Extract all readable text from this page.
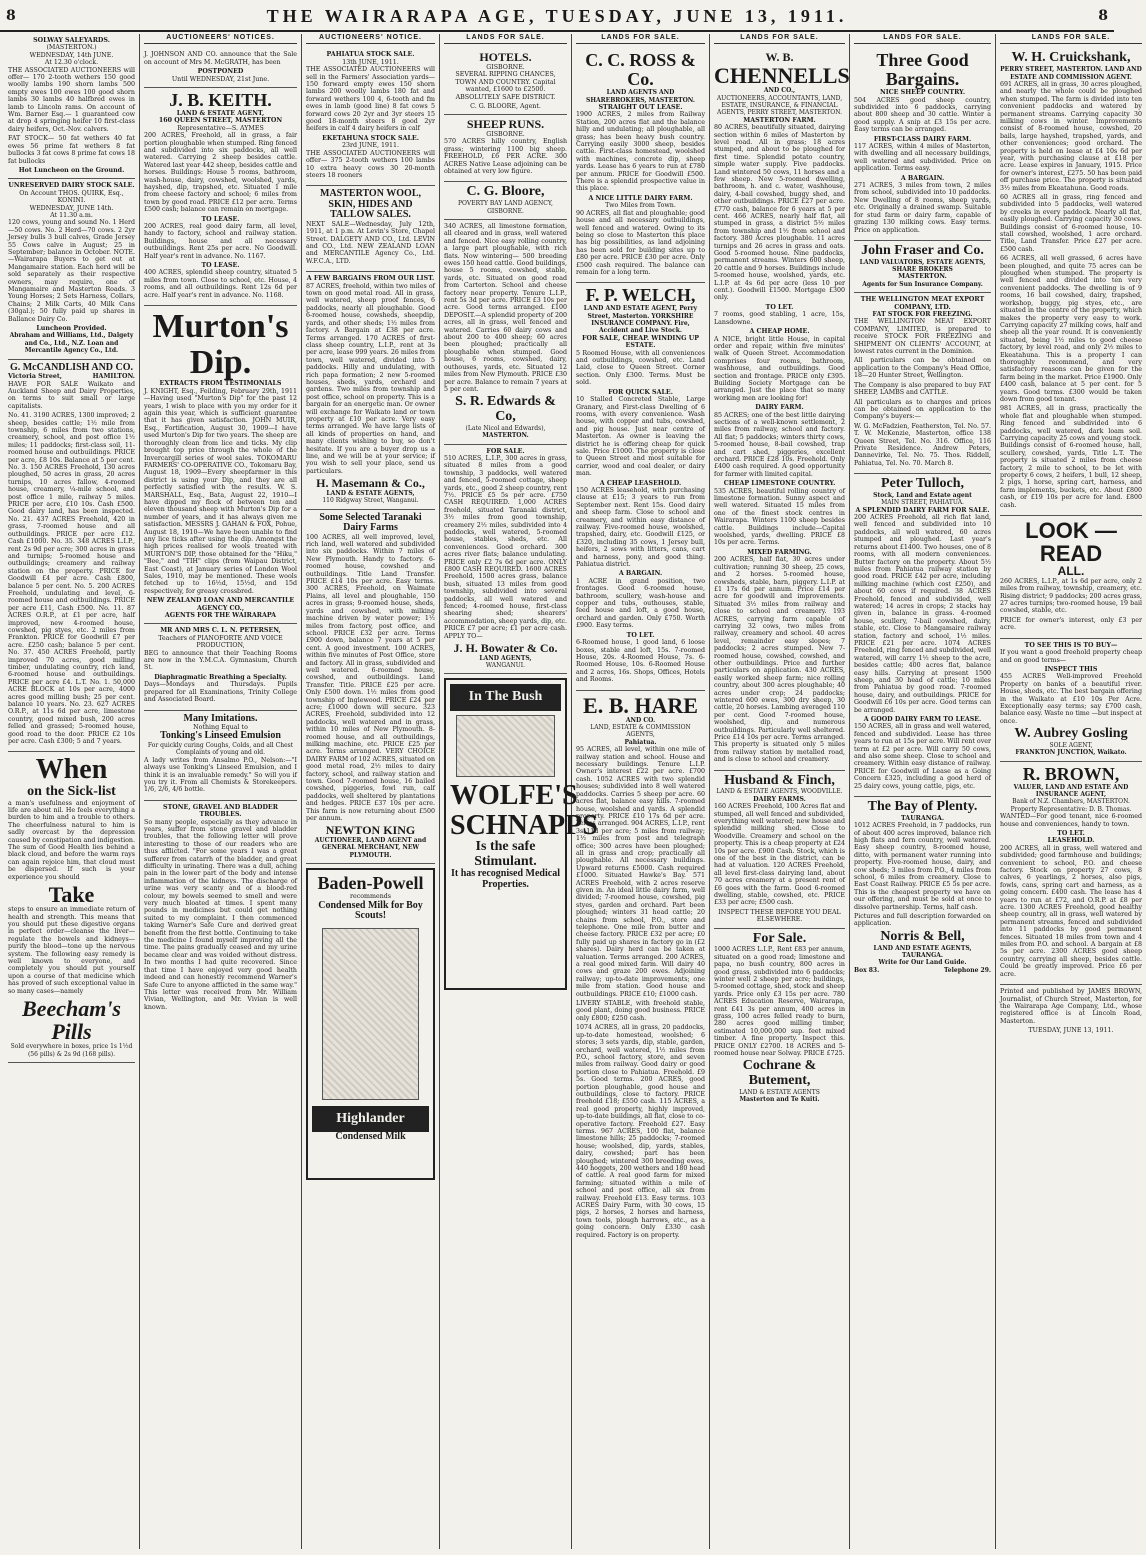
8	THE WAIRARAPA AGE, TUESDAY, JUNE 13, 1911.	8
SOLWAY SALEYARDS.
(MASTERTON.)
WEDNESDAY, 14th JUNE.
At 12.30 o'clock.

THE ASSOCIATED AUCTIONEERS will offer— 170 2-tooth wethers 150 good woolly lambs 190 shorn lambs 500 empty ewes 100 ewes 100 good shorn lambs 30 lambs 40 halfbred ewes in lamb to Lincoln rams. On account of Wm. Barner Esq.— 1 guaranteed cow at drop 4 springing heifer 10 first-class dairy heifers, Oct.-Nov. calvers.

FAT STOCK— 50 fat wethers 40 fat ewes 56 prime fat wethers 8 fat bullocks 3 fat cows 8 prime fat cows 18 fat bullocks

Hot Luncheon on the Ground.
UNRESERVED DAIRY STOCK SALE.
On Account THOS. QUIRK, Esq., KONINI.
WEDNESDAY, JUNE 14th.
At 11.30 a.m.

120 cows, young and sound No. 1 Herd—50 cows. No. 2 Herd—70 cows. 2 2yr Jersey bulls 3 bull calves, Grade Jersey 55 Cows calve in August; 25 in September; balance in October. NOTE.—Wairarapa Buyers to get out at Mangamaire station. Each herd will be sold separately as their respective owners, may require, one of Mangamaire and Masterton Roads. 3 Young Horses; 2 Sets Harness, Collars, Chains; 2 Milk Carts, 40 Milk Cans (30gal.); 50 fully paid up shares in Ballance Dairy Co.

Luncheon Provided.
Abraham and Williams, Ltd., Dalgety and Co., Ltd., N.Z. Loan and Mercantile Agency Co., Ltd.
G. McCANDLISH AND CO.
Victoria Street,	HAMILTON.

HAVE FOR SALE Waikato and Auckland Sheep and Dairy Properties, on terms to suit small or large capitalists.

No. 41. 3190 ACRES, 1300 improved; 2 sheep, besides cattle; 1½ mile from township, 6 miles from two stations, creamery, school, and post office 1½ miles; 11 paddocks; first-class soil, 11-roomed house and outbuildings. PRICE per acre, £8 10s. Balance at 5 per cent. No. 3. 150 ACRES Freehold, 130 acres ploughed, 50 acres in grass, 20 acres turnips, 10 acres fallow, 4-roomed house, creamery, ¼-mile school, and post office 1 mile, railway 5 miles. PRICE per acre, £10 10s. Cash £500. Good dairy land, has been inspected. No. 21. 437 ACRES Freehold, 420 in grass, 7-roomed house and all outbuildings. PRICE per acre £12. Cash £1000. No. 35. 348 ACRES L.I.P., rent 2s 9d per acre; 300 acres in grass and turnips; 5-roomed house and outbuildings; creamery and railway station on the property. PRICE for Goodwill £4 per acre. Cash £800, balance 5 per cent. No. 5. 200 ACRES Freehold, undulating and level, 6-roomed house and outbuildings. PRICE per acre £11, Cash £500. No. 11. 87 ACRES O.R.P., at £1 per acre, half improved, new 4-roomed house, cowshed, pig styes, etc. 2 miles from Frankton. PRICE for Goodwill £7 per acre. £250 cash; balance 5 per cent. No. 37. 450 ACRES Freehold, partly improved 70 acres, good milling timber, undulating country, rich land, 6-roomed house and outbuildings. PRICE per acre £4. L.T. No. 1. 50,000 ACRE BLOCK at 10s per acre, 4000 acres good milling bush; 25 per cent. balance 10 years. No. 23. 627 ACRES O.R.P., at 11s 6d per acre, limestone country, good mixed bush, 200 acres felled and grassed; 5-roomed house, good road to the door. PRICE £2 10s per acre. Cash £300; 5 and 7 years.

When
on the Sick-list

a man's usefulness and enjoyment of life are about nil. He feels everything a burden to him and a trouble to others. The cheerfulness natural to him is sadly overcast by the depression caused by constipation and indigestion. The sum of Good Health lies behind a black cloud, and before the warm rays can again rejoice him, that cloud must be dispersed. If such is your experience you should

Take

steps to ensure an immediate return of health and strength. This means that you should put these digestive organs in perfect order—cleanse the liver—regulate the bowels and kidneys—purify the blood—tone up the nervous system. The following easy remedy is well known to everyone, and completely you should put yourself upon a course of that medicine which has proved of such exceptional value in so many cases—namely

Beecham's Pills
Sold everywhere in boxes, price 1s 1½d (56 pills) & 2s 9d (168 pills).
AUCTIONEERS' NOTICES.

J. JOHNSON AND CO. announce that the Sale on account of Mrs M. McGRATH, has been

POSTPONED
Until WEDNESDAY, 21st June.
J. B. KEITH.
LAND & ESTATE AGENT,
160 QUEEN STREET, MASTERTON
Representative—S. AYMES

200 ACRES, Freehold, all in grass, a fair portion ploughable when stumped. Ring fenced and subdivided into six paddocks, all well watered. Carrying 2 sheep besides cattle. Watered last year 442 sheep, besides cattle and horses. Buildings: House 5 rooms, bathroom, wash-house, dairy, cowshed, woolshed, yards, hayshed, dip, trapshed, etc. Situated 1 mile from cheese factory and school; 6 miles from town by good road. PRICE £12 per acre. Terms £500 cash; balance can remain on mortgage.

TO LEASE.

200 ACRES, real good dairy farm, all level, handy to factory, school and railway station. Buildings, house and all necessary outbuildings. Rent 25s per acre. No Goodwill. Half year's rent in advance. No. 1167.

TO LEASE.

400 ACRES, splendid sheep country, situated 5 miles from town. Close to school, etc. House, 4 rooms, and all outbuildings. Rent 12s 6d per acre. Half year's rent in advance. No. 1168.

Murton's Dip.
EXTRACTS FROM TESTIMONIALS

J. KNIGHT, Esq., Feilding, February 29th, 1911—Having used "Murton's Dip" for the past 12 years, I wish to place with you my order for it again this year, which is sufficient guarantee that it has given satisfaction. JOHN MUIR, Esq., Fortification, August 30, 1909—I have used Murton's Dip for two years. The sheep are thoroughly clean from lice and ticks. My clip brought top price through the whole of the Invercargill series of wool sales. TOKOMARU FARMERS' CO-OPERATIVE CO., Tokomaru Bay, August 18, 1909—Every sheepfarmer in this district is using your Dip, and they are all perfectly satisfied with the results. W. S. MARSHALL, Esq., Bata, August 22, 1910—I have dipped my flock of between ten and eleven thousand sheep with Murton's Dip for a number of years, and it has always given me satisfaction. MESSRS J. GAHAN & FOX, Pohue, August 18, 1910—We have been unable to find any lice ticks after using the dip. Amongst the high prices realised for wools treated with MURTON'S DIP, those obtained for the "Hiku," "Bee," and "TIH" clips (from Waipau District, East Coast), at January series of London Wool Sales, 1910, may be mentioned. These wools fetched up to 16½d, 15½d, and 15d respectively, for greasy crossbred.

NEW ZEALAND LOAN AND MERCANTILE AGENCY CO.,
AGENTS FOR THE WAIRARAPA
MR AND MRS C. L. N. PETERSEN,
Teachers of PIANOFORTE AND VOICE PRODUCTION,

BEG to announce that their Teaching Rooms are now in the Y.M.C.A. Gymnasium, Church St.

Diaphragmatic Breathing a Specialty.

Days—Mondays and Thursdays. Pupils prepared for all Examinations, Trinity College and Associated Board.

Many Imitations.
Nothing Equal to
Tonking's Linseed Emulsion
For quickly curing Coughs, Colds, and all Chest Complaints of young and old.

A lady writes from Ansalmo P.O., Nelson:—"I always use Tonking's Linseed Emulsion, and I think it is an invaluable remedy." So will you if you try it. From all Chemists & Storekeepers. 1/6, 2/6, 4/6 bottle.

STONE, GRAVEL AND BLADDER TROUBLES.

So many people, especially as they advance in years, suffer from stone gravel and bladder troubles, that the following letter will prove interesting to those of our readers who are thus afflicted. "For some years I was a great sufferer from catarrh of the bladder, and great difficulty in urinating. There was a dull, aching pain in the lower part of the body and intense inflammation of the kidneys. The discharge of urine was very scanty and of a blood-red colour, my bowels seemed to smell and were very much bloated at times. I spent many pounds in medicines but could get nothing suited to my complaint. I then commenced taking Warner's Safe Cure and derived great benefit from the first bottle. Continuing to take the medicine I found myself improving all the time. The pains gradually ceased and my urine became clear and was voided without distress. In two months I had quite recovered. Since that time I have enjoyed very good health indeed and can honestly recommend Warner's Safe Cure to anyone afflicted in the same way." This letter was received from Mr. William Vivian, Wellington, and Mr. Vivian is well known.

AUCTIONEERS' NOTICE.
PAHIATUA STOCK SALE.
13th JUNE, 1911.

THE ASSOCIATED AUCTIONEERS will sell in the Farmers' Association yards— 150 forward empty ewes 150 shorn lambs 200 woolly lambs 180 fat and forward wethers 100 4, 6-tooth and fm ewes in lamb (good line) 8 fat cows 5 forward cows 20 2yr and 3yr steers 15 good 18-month steers 8 good 2yr heifers in calf 4 dairy heifers in calf

EKETAHUNA STOCK SALE.
23rd JUNE, 1911.

THE ASSOCIATED AUCTIONEERS will offer— 375 2-tooth wethers 100 lambs 10 extra heavy cows 30 20-month steers 18 rooners

MASTERTON WOOL, SKIN, HIDES AND TALLOW SALES.

NEXT SALE—Wednesday, July 12th, 1911, at 1 p.m. At Levin's Store, Chapel Street. DALGETY AND CO., Ltd. LEVIN and CO., Ltd. NEW ZEALAND LOAN and MERCANTILE Agency Co., Ltd. W.F.C.A., LTD.

A FEW BARGAINS FROM OUR LIST.

87 ACRES, freehold, within two miles of town on good metal road. All in grass, well watered, sheep proof fences, 6 paddocks, nearly all ploughable. Good 6-roomed house, cowsheds, sheepdip, yards, and other sheds; 1½ miles from factory. A Bargain at £38 per acre. Terms arranged. 170 ACRES of first-class sheep country, L.I.P., rent at 3s per acre, lease 999 years. 26 miles from town, well watered, divided into 5 paddocks. Hilly and undulating, with rich papa formation; 2 new 5-roomed houses, sheds, yards, orchard and gardens. Two miles from township and post office, school on property. This is a bargain for an energetic man. Or owner will exchange for Waikato land or town property at £10 per acre. Very easy terms arranged. We have large lists of all kinds of properties on hand, and many clients wishing to buy, so don't hesitate. If you are a buyer drop us a line, and we will be at your service; if you wish to sell your place, send us particulars.

H. Masemann & Co.,
LAND & ESTATE AGENTS,
110 Ridgway Street, Wanganui.
Some Selected Taranaki Dairy Farms

100 ACRES, all well improved, level, rich land, well watered and subdivided into six paddocks. Within 7 miles of New Plymouth. Handy to factory. 6-roomed house, cowshed and outbuildings. Title Land Transfer. PRICE £14 10s per acre. Easy terms. 300 ACRES, Freehold, on Waimate Plains, all level and ploughable, 150 acres in grass; 9-roomed house, sheds, yards and cowshed, with milking machine driven by water power; 1½ miles from factory, post office, and school. PRICE £32 per acre. Terms £900 down, balance 7 years at 5 per cent. A good investment. 100 ACRES, within five minutes of Post Office, store and factory. All in grass, subdivided and well watered. 6-roomed house, cowshed, and outbuildings. Land Transfer. Title. PRICE £25 per acre. Only £500 down. 1½ miles from good township of Inglewood. PRICE £24 per acre; £1000 down will secure. 323 ACRES, Freehold, subdivided into 12 paddocks, well watered and in grass, within 10 miles of New Plymouth. 8-roomed house, and all outbuildings, milking machine, etc. PRICE £25 per acre. Terms arranged. VERY CHOICE DAIRY FARM of 102 ACRES, situated on good metal road, 2½ miles to dairy factory, school, and railway station and town. Good 7-roomed house, 16 bailed cowshed, piggeries, fowl run, calf paddocks, well sheltered by plantations and hedges. PRICE £37 10s per acre. This farm is now returning about £500 per annum.

NEWTON KING
AUCTIONEER, LAND AGENT and GENERAL MERCHANT, NEW PLYMOUTH.
Baden-Powell
recommends
Condensed Milk for Boy Scouts!
Highlander
Condensed Milk
LANDS FOR SALE.
HOTELS.
GISBORNE.

SEVERAL RIPPING CHANCES, TOWN AND COUNTRY. Capital wanted, £1600 to £2500. ABSOLUTELY SAFE DISTRICT.

C. G. BLOORE, Agent.
SHEEP RUNS.
GISBORNE.

570 ACRES hilly country, English grass; wintering 1100 big sheep. FREEHOLD, £6 PER ACRE. 300 ACRES Native Lease adjoining can be obtained at very low figure.

C. G. Bloore,
POVERTY BAY LAND AGENCY, GISBORNE.

340 ACRES, all limestone formation, all cleared and in grass, well watered and fenced. Nice easy rolling country, a large part ploughable, with rich flats. Now wintering— 500 breeding ewes 150 head cattle. Good buildings, house 5 rooms, cowshed, stable, yards, etc. Situated on good road from Carterton. School and cheese factory near property. Tenure L.I.P., rent 5s 3d per acre. PRICE £3 10s per acre. Good terms arranged. £100 DEPOSIT.—A splendid property of 200 acres, all in grass, well fenced and watered. Carries 60 dairy cows and about 200 to 400 sheep; 60 acres been ploughed; practically all ploughable when stumped. Good house, 6 rooms, cowshed, dairy, outhouses, yards, etc. Situated 12 miles from New Plymouth. PRICE £30 per acre. Balance to remain 7 years at 5 per cent.

S. R. Edwards & Co,
(Late Nicol and Edwards),
MASTERTON.
FOR SALE.

510 ACRES, L.I.P., 300 acres in grass, situated 8 miles from a good township, 3 paddocks, well watered and fenced, 5-roomed cottage, sheep yards, etc., good 2 sheep country, rent 7½. PRICE £5 5s per acre. £750 CASH REQUIRED. 1,000 ACRES freehold, situated Taranaki district, 3½ miles from good township, creamery 2½ miles, subdivided into 4 paddocks, well watered, 5-roomed house, stables, sheds, etc. All conveniences. Good orchard. 300 acres river flats; balance undulating. PRICE only £2 7s 6d per acre. ONLY £800 CASH REQUIRED. 1600 ACRES Freehold, 1500 acres grass, balance bush, situated 13 miles from good township, subdivided into several paddocks, all well watered and fenced; 4-roomed house, first-class shearing shed; shearers' accommodation, sheep yards, dip, etc. PRICE £7 per acre; £1 per acre cash. APPLY TO—

J. H. Bowater & Co.
LAND AGENTS,
WANGANUI.
In The Bush
WOLFE'S SCHNAPPS
Is the safe Stimulant.
It has recognised Medical Properties.
LANDS FOR SALE.
C. C. ROSS & Co.
LAND AGENTS AND SHAREBROKERS, MASTERTON.
STRAIGHT OUT LEASE.

1900 ACRES, 2 miles from Railway Station, 200 acres flat and the balance hilly and undulating; all ploughable, all grass; has been heavy bush country. Carrying easily 3000 sheep, besides cattle. First-class homestead, woolshed with machines, concrete dip, sheep yards. Lease has 6 years to run at £780 per annum. PRICE for Goodwill £500. There is a splendid prospective value in this place.

A NICE LITTLE DAIRY FARM.
Two Miles from Town.

90 ACRES, all flat and ploughable; good house and all necessary outbuildings, well fenced and watered. Owing to its being so close to Masterton this place has big possibilities, as land adjoining has been sold for building sites up to £80 per acre. PRICE £30 per acre. Only £500 cash required. The balance can remain for a long term.

F. P. WELCH,
LAND AND ESTATE AGENT, Perry Street, Masterton. YORKSHIRE INSURANCE COMPANY. Fire, Accident and Live Stock.
FOR SALE, CHEAP. WINDING UP ESTATE.

5 Roomed House, with all conveniences and outbuildings, cowshed, etc. Land Laid, close to Queen Street. Corner section. Only £300. Terms. Must be sold.

FOR QUICK SALE.

10 Stalled Concreted Stable, Large Granary, and First-class Dwelling of 6 rooms, with every convenience. Wash house, with copper and tubs, cowshed, and pig house. Just near centre of Masterton. As owner is leaving the district he is offering cheap for quick sale. Price £1000. The property is close to Queen Street and most suitable for carrier, wood and coal dealer, or dairy man.

A CHEAP LEASEHOLD.

150 ACRES leasehold, with purchasing clause at £15; 3 years to run from September next. Rent 15s. Good dairy and sheep farm. Close to school and creamery, and within easy distance of railway. Five-roomed house, woolshed, trapshed, dairy, etc. Goodwill £125, or £320, including 35 cows, 1 Jersey bull, heifers, 2 sows with litters, cans, cart and harness, pony, and good thing. Pahiatua district.

A BARGAIN.

1 ACRE in grand position, two frontages. Good 6-roomed house, bathroom, scullery, wash-house and copper and tubs, outhouses, stable, feed house and loft, a good house, orchard and garden. Only £750. Worth £900. Easy terms.

TO LET.

6-Roomed house, 1 good land, 6 loose boxes, stable and loft, 15s. 7-roomed House, 20s. 4-Roomed House, 7s. 6-Roomed House, 10s. 6-Roomed House and 2 acres, 16s. Shops, Offices, Hotels and Rooms.

E. B. HARE
AND CO.
LAND, ESTATE & COMMISSION AGENTS,
Pahiatua.

95 ACRES, all level, within one mile of railway station and school. House and necessary buildings. Tenure L.I.P. Owner's interest £22 per acre. £700 cash. 1052 ACRES with two splendid houses; subdivided into 8 well watered paddocks. Carries 5 sheep per acre. 60 acres flat, balance easy hills. 7-roomed house, woolshed and yards. A splendid property. PRICE £10 17s 6d per acre. Terms arranged. 904 ACRES, L.I.P., rent 3s 11d per acre; 5 miles from railway; 1½ miles from post and telegraph office; 300 acres have been ploughed; all in grass and crop; practically all ploughable. All necessary buildings. Upward returns £5000. Cash required £1000. Situated Hawke's Bay. 571 ACRES Freehold, with 2 acres reserve given in. An ideal little dairy farm, well divided; 7-roomed house, cowshed, pig styes, garden and orchard. Part been ploughed; winters 31 head cattle; 20 chains from school, P.O., store and telephone. One mile from butter and cheese factory. PRICE £32 per acre; £0 fully paid up shares in factory go in (£2 shares). Dairy herd can be taken at valuation. Terms arranged. 200 ACRES, a real good mixed farm. Will dairy 40 cows and graze 200 ewes. Adjoining railway; up-to-date improvements; one mile from station. Good house and outbuildings. PRICE £10; £1000 cash.

LIVERY STABLE, with freehold stable, good plant, doing good business. PRICE only £800; £250 cash.

1074 ACRES, all in grass, 20 paddocks, up-to-date homestead, woolshed; 6 stores; 3 sets yards, dip, stable, garden, orchard, well watered, 1½ miles from P.O., school factory, store, and seven miles from railway. Good dairy or good portion close to Pahiatua. Freehold. £9 5s. Good terms. 200 ACRES, good portion ploughable, good house and outbuildings, close to factory. PRICE freehold £18; £550 cash. 115 ACRES, a real good property, highly improved, up-to-date buildings, all flat, close to co-operative factory. Freehold £27. Easy terms. 967 ACRES, 100 flat, balance limestone hills; 25 paddocks; 7-roomed house; woolshed, dip, yards, stables, dairy, cowshed; part has been ploughed; wintered 300 breeding ewes, 440 hoggets, 200 wethers and 180 head of cattle. A real good farm for mixed farming; situated within a mile of school and post office, all six from railway. Freehold £13. Easy terms. 103 ACRES Dairy Farm, with 30 cows, 15 pigs, 2 horses, 2 horses and harness, town tools, plough harrows, etc., as a going concern. Only £330 cash required. Factory is on property.

LANDS FOR SALE.
W. B.
CHENNELLS
AND CO.,
AUCTIONEERS, ACCOUNTANTS, LAND, ESTATE, INSURANCE, & FINANCIAL AGENTS, PERRY STREET, MASTERTON.
MASTERTON FARM.

80 ACRES, beautifully situated, dairying section within 6 miles of Masterton by level road. All in grass; 18 acres stumped, and about to be ploughed for first time. Splendid potato country, simple water supply. Five paddocks. Land wintered 50 cows, 11 horses and a few sheep. New 5-roomed dwelling, bathroom, h. and c. water, washhouse, dairy, 4-bail cowshed, buggy shed, and other outbuildings. PRICE £27 per acre. £770 cash, balance for 6 years at 5 per cent. 466 ACRES, nearly half flat, all stumped in grass, a district 5½ miles from township and 1½ from school and factory. 380 Acres ploughable. 11 acres turnips and 26 acres in grass and oats. Good 5-roomed house. Nine paddocks, permanent streams. Winters 600 sheep, 20 cattle and 9 horses. Buildings include 5-roomed house, woolshed, yards, etc. L.I.P. at 4s 6d per acre (less 10 per cent.). Goodwill £1500. Mortgage £300 only.

TO LET.

7 rooms, good stabling, 1 acre, 15s, Lansdowne.

A CHEAP HOME.

A NICE, bright little House, in capital order and repair, within five minutes' walk of Queen Street. Accommodation comprises four rooms, bathroom, washhouse, and outbuildings. Good section and frontage. PRICE only £395. Building Society Mortgage can be arranged. Just the place that so many working men are looking for!

DAIRY FARM.

85 ACRES; one of the best little dairying sections of a well-known settlement, 2 miles from railway, school and factory. All flat; 5 paddocks; winters thirty cows, 5-roomed house, 8-bail cowshed, trap and cart shed, piggeries, excellent orchard. PRICE £28 10s. Freehold. Only £400 cash required. A good opportunity for farmer with limited capital.

CHEAP LIMESTONE COUNTRY.

535 ACRES, beautiful rolling country of limestone formation. Sunny aspect and well watered. Situated 15 miles from one of the finest stock centres in Wairarapa. Winters 1100 sheep besides cattle. Buildings include—Capital woolshed, yards, dwelling. PRICE £8 10s per acre. Terms.

MIXED FARMING.

200 ACRES, half flat, 30 acres under cultivation; running 30 sheep, 25 cows, and 2 horses. 5-roomed house, cowsheds, stable, barn, piggery. L.I.P. at £1 17s 6d per annum. Price £14 per acre for goodwill and improvements. Situated 3½ miles from railway and close to school and creamery. 193 ACRES, carrying farm capable of carrying 32 cows, two miles from railway, creamery and school. 40 acres level, remainder easy slopes; 7 paddocks; 2 acres stumped. New 7-roomed house, cowshed, cowshed, and other outbuildings. Price and further particulars on application. 430 ACRES, easily worked sheep farm; nice rolling country, about 300 acres ploughable; 40 acres under crop; 24 paddocks; wintered 600 ewes, 300 dry sheep, 30 cattle, 20 horses. Lambing averaged 110 per cent. Good 7-roomed house, woolshed, dip, and numerous outbuildings. Particularly well sheltered. Price £14 10s per acre. Terms arranged. This property is situated only 5 miles from railway station by metalled road, and is close to school and creamery.

Husband & Finch,
LAND & ESTATE AGENTS, WOODVILLE.
DAIRY FARMS.

160 ACRES Freehold, 100 Acres flat and stumped, all well fenced and subdivided, everything well watered; new house and splendid milking shed. Close to Woodville. Creamery and school on the property. This is a cheap property at £24 10s per acre. £900 Cash. Stock, which is one of the best in the district, can be had at valuation. 120 ACRES Freehold, all level first-class dairying land, about 70 acres creamery at a present rent of £6 goes with the farm. Good 6-roomed dwelling, stable, cowshed, etc. PRICE £33 per acre; £500 cash.

INSPECT THESE BEFORE YOU DEAL ELSEWHERE.
For Sale.

1000 ACRES L.I.P., Rent £83 per annum, situated on a good road; limestone and papa, no bush country, 800 acres in good grass, subdivided into 6 paddocks; winter well 2 sheep per acre; buildings, 5-roomed cottage, shed, stock and sheep yards. Price only £3 15s per acre. 780 ACRES Education Reserve, Wairarapa, rent £41 3s per annum, 400 acres in grass, 100 acres felled ready to burn, 280 acres good milling timber, estimated 10,000,000 sup. feet mixed timber. A fine property. Inspect this. PRICE ONLY £2700. 18 ACRES and 5-roomed house near Solway. PRICE £725.

Cochrane & Butement,
LAND & ESTATE AGENTS
Masterton and Te Kuiti.
LANDS FOR SALE.
Three Good Bargains.
NICE SHEEP COUNTRY.

504 ACRES good sheep country, subdivided into 6 paddocks, carrying about 800 sheep and 30 cattle. Winter a good supply. A snip at £3 15s per acre. Easy terms can be arranged.

FIRST-CLASS DAIRY FARM.

117 ACRES, within 4 miles of Masterton, with dwelling and all necessary buildings, well watered and subdivided. Price on application. Terms easy.

A BARGAIN.

271 ACRES, 3 miles from town, 2 miles from school, subdivided into 10 paddocks. New Dwelling of 8 rooms, sheep yards, etc. Originally a drained swamp. Suitable for stud farm or dairy farm, capable of grazing 130 milking cows. Easy terms. Price on application.

John Fraser and Co.
LAND VALUATORS, ESTATE AGENTS, SHARE BROKERS
MASTERTON.
Agents for Sun Insurance Company.
THE WELLINGTON MEAT EXPORT COMPANY, LTD.
FAT STOCK FOR FREEZING.

THE WELLINGTON MEAT EXPORT COMPANY, LIMITED, is prepared to receive STOCK FOR FREEZING and SHIPMENT ON CLIENTS' ACCOUNT, at lowest rates current in the Dominion.

All particulars can be obtained on application to the Company's Head Office, 18—20 Hunter Street, Wellington.

The Company is also prepared to buy FAT SHEEP, LAMBS and CATTLE.

All particulars as to charges and prices can be obtained on application to the Company's buyers:—

W. G. McFadzien, Featherston, Tel. No. 57. T. W. McKenzie, Masterton, office 138 Queen Street, Tel. No. 316. Office, 116 Private Residence. Andrew Peters, Dannevirke, Tel. No. 75. Thos. Riddell, Pahiatua, Tel. No. 70. March 8.

Peter Tulloch,
Stock, Land and Estate agent
MAIN STREET, PAHIATUA.
A SPLENDID DAIRY FARM FOR SALE.

200 ACRES Freehold, all rich flat land, well fenced and subdivided into 10 paddocks, all well watered, 60 acres stumped and ploughed. Last year's returns about £1400. Two houses, one of 8 rooms, with all modern conveniences. Butter factory on the property. About 5½ miles from Pahiatua railway station by good road. PRICE £42 per acre, including milking machine (which cost £250), and about 60 cows if required. 38 ACRES Freehold, fenced and subdivided, well watered; 14 acres in crops; 2 stacks hay given in, balance in grass. 4-roomed house, scullery, 7-bail cowshed, dairy, stable, etc. Close to Mangamaire railway station, factory and school, 1½ miles. PRICE £21 per acre. 1074 ACRES Freehold, ring fenced and subdivided, well watered, will carry 1½ sheep to the acre, besides cattle; 400 acres flat, balance easy hills. Carrying at present 1500 sheep, and 30 head of cattle; 10 miles from Pahiatua by good road. 7-roomed house, dairy, and outbuildings. PRICE for Goodwill £6 10s per acre. Good terms can be arranged.

A GOOD DAIRY FARM TO LEASE.

150 ACRES, all in grass and well watered, fenced and subdivided. Lease has three years to run at 15s per acre. Will rent over term at £2 per acre. Will carry 50 cows, and also some sheep. Close to school and creamery. Within easy distance of railway. PRICE for Goodwill of Lease as a Going Concern £325, including a good herd of 25 dairy cows, young cattle, pigs, etc.

The Bay of Plenty.
TAURANGA.

1012 ACRES Freehold, in 7 paddocks, run of about 400 acres improved, balance rich high flats and fern country, well watered. Easy sheep country, 8-roomed house, ditto, with permanent water running into property. Five-roomed house, dairy, and cow sheds; 3 miles from P.O., 4 miles from school, 6 miles from creamery. Close to East Coast Railway. PRICE £5 5s per acre. This is the cheapest property we have on our offering, and must be sold at once to dissolve partnership. Terms, half cash.

Pictures and full description forwarded on application.

Norris & Bell,
LAND AND ESTATE AGENTS, TAURANGA.
Write for Our Land Guide.
Box 83.	Telephone 29.
LANDS FOR SALE.
W. H. Cruickshank,
PERRY STREET, MASTERTON. LAND AND ESTATE AND COMMISSION AGENT.

691 ACRES, all in grass, 30 acres ploughed, and nearly the whole could be ploughed when stumped. The farm is divided into ten convenient paddocks and watered by permanent streams. Carrying capacity 30 milking cows in winter. Improvements consist of 8-roomed house, cowshed, 20 bails, large hayshed, trapshed, yards, and other conveniences; good orchard. The property is held on lease at £4 10s 6d per year, with purchasing clause at £18 per acre. Lease expires in January, 1915. Price for owner's interest, £275. 50 has been paid off purchase price. The property is situated 3½ miles from Ekeatahuna. Good roads.

60 ACRES all in grass, ring fenced and subdivided into 5 paddocks, well watered by creeks in every paddock. Nearly all flat, easily ploughed. Carrying capacity 30 cows. Buildings consist of 6-roomed house, 10-stall cowshed, woolshed, 1 acre orchard. Title, Land Transfer. Price £27 per acre. £500 cash.

66 ACRES, all well grassed, 6 acres have been ploughed, and quite 75 acres can be ploughed when stumped. The property is well fenced and divided into ten very convenient paddocks. The dwelling is of 9 rooms, 16 bail cowshed, dairy, trapshed, workshop, buggy, pig styes, etc., are situated in the centre of the property, which makes the property very easy to work. Carrying capacity 27 milking cows, half and sheep all the year round. It is conveniently situated, being 1½ miles to good cheese factory, by level road, and only 2½ miles to Ekeatahuna. This is a property I can thoroughly recommend, and very satisfactory reasons can be given for the farm being in the market. Price £1900. Only £400 cash, balance at 5 per cent. for 5 years. Good terms. £300 would be taken down from good tenant.

981 ACRES, all in grass, practically the whole flat and ploughable when stumped. Ring fenced and subdivided into 6 paddocks, well watered, dark loam soil. Carrying capacity 25 cows and young stock. Buildings consist of 6-roomed house, hall, scullery, cowshed, yards, Title L.T. The property is situated 2 miles from cheese factory, 2 mile to school, to be let with property 6 cows, 2 heifers, 1 bull, 12 sheep, 2 pigs, 1 horse, spring cart, harness, and farm implements, buckets, etc. About £800 cash, or £19 10s per acre for land. £800 cash.

LOOK — READ
ALL.

260 ACRES, L.I.P., at 1s 6d per acre, only 2 miles from railway, township, creamery, etc. Rising district; 9 paddocks; 200 acres grass, 27 acres turnips; two-roomed house, 19 bail cowshed, stable, etc.

PRICE for owner's interest, only £3 per acre.

TO SEE THIS IS TO BUY—

If you want a good freehold property cheap and on good terms—

INSPECT THIS

455 ACRES Well-improved Freehold Property on banks of a beautiful river. House, sheds, etc. The best bargain offering in the Waikato at £10 10s Per Acre. Exceptionally easy terms; say £700 cash, balance easy. Waste no time —but inspect at once.

W. Aubrey Gosling
SOLE AGENT,
FRANKTON JUNCTION, Waikato.
R. BROWN,
VALUER, LAND AND ESTATE AND INSURANCE AGENT,
Bank of N.Z. Chambers, MASTERTON.
Property Representative: D. B. Thomas.

WANTED—For good tenant, nice 6-roomed house and conveniences, handy to town.

TO LET.
LEASEHOLD.

200 ACRES, all in grass, well watered and subdivided; good farmhouse and buildings; convenient to school, P.O. and cheese factory. Stock on property 27 cows, 8 calves, 6 yearlings, 2 horses, also pigs, fowls, cans, spring cart and harness, as a going concern. £400 cash. The lease has 4 years to run at £72, and O.R.P. at £8 per acre. 1300 ACRES Freehold, good healthy sheep country, all in grass, well watered by permanent streams, fenced and subdivided into 11 paddocks by good permanent fences. Situated 18 miles from town and 4 miles from P.O. and school. A bargain at £8 5s per acre. 2300 ACRES good sheep country, carrying all sheep, besides cattle. Could be greatly improved. Price £6 per acre.

Printed and published by JAMES BROWN, Journalist, of Church Street, Masterton, for the Wairarapa Age Company, Ltd., whose registered office is at Lincoln Road, Masterton.

TUESDAY, JUNE 13, 1911.
